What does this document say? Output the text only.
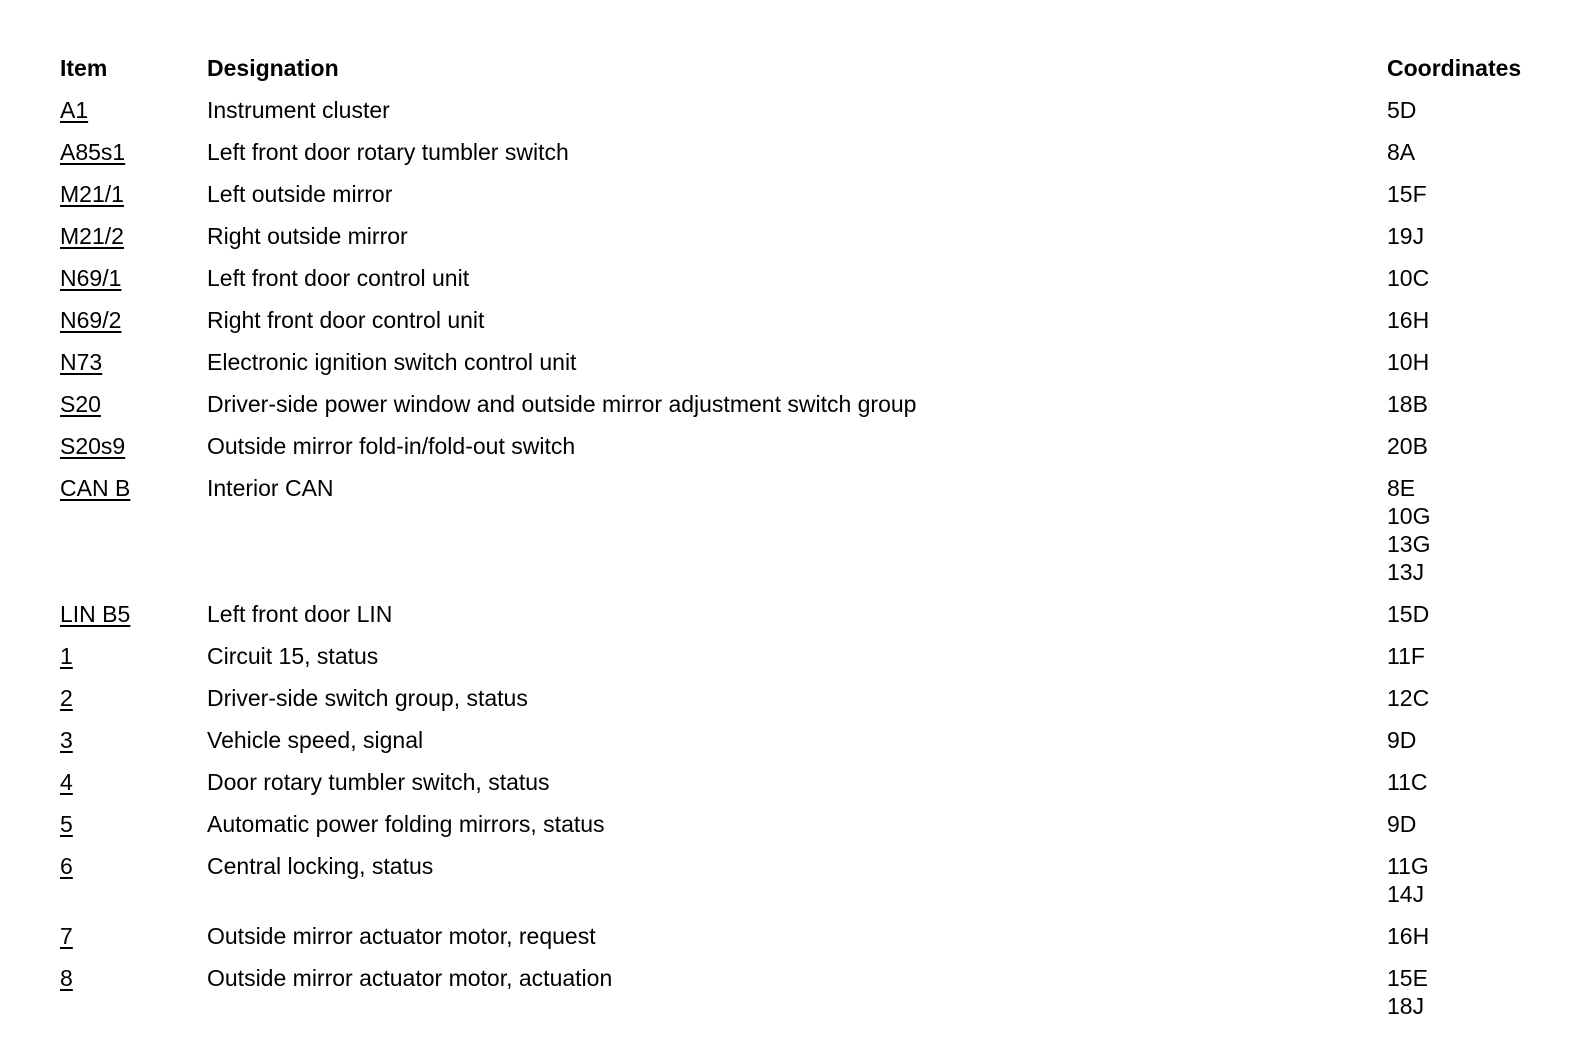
Item	Designation	Coordinates
A1	Instrument cluster	5D

A85s1	Left front door rotary tumbler switch	8A

M21/1	Left outside mirror	15F

M21/2	Right outside mirror	19J

N69/1	Left front door control unit	10C

N69/2	Right front door control unit	16H

N73	Electronic ignition switch control unit	10H

S20	Driver-side power window and outside mirror adjustment switch group	18B

S20s9	Outside mirror fold-in/fold-out switch	20B

CAN B	Interior CAN	8E
10G
13G
13J

LIN B5	Left front door LIN	15D

1	Circuit 15, status	11F

2	Driver-side switch group, status	12C

3	Vehicle speed, signal	9D

4	Door rotary tumbler switch, status	11C

5	Automatic power folding mirrors, status	9D

6	Central locking, status	11G
14J

7	Outside mirror actuator motor, request	16H

8	Outside mirror actuator motor, actuation	15E
18J
